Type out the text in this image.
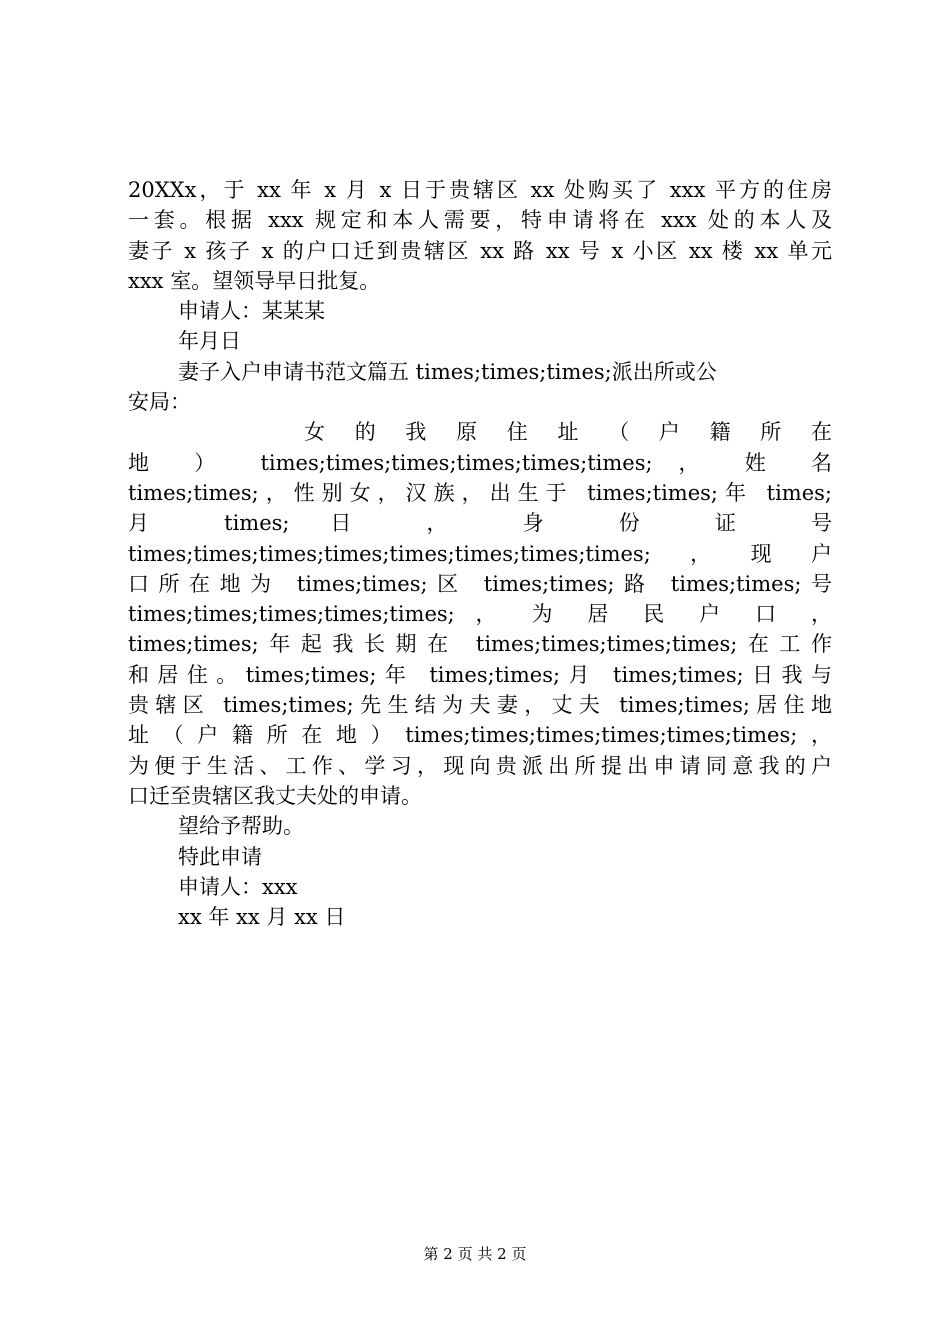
20XXx，于 xx 年 x 月 x 日于贵辖区 xx 处购买了 xxx 平方的住房
一套。根据 xxx 规定和本人需要，特申请将在 xxx 处的本人及
妻子 x 孩子 x 的户口迁到贵辖区 xx 路 xx 号 x 小区 xx 楼 xx 单元
xxx 室。望领导早日批复。
申请人：某某某
年月日
妻子入户申请书范文篇五 times;times;times;派出所或公
安局：
女 的 我 原 住 址 （ 户 籍 所 在
地 ） times;times;times;times;times;times; ， 姓 名
times;times;，性别女，汉族，出生于 times;times;年 times;
月 times; 日 ， 身 份 证 号
times;times;times;times;times;times;times;times;，现户
口所在地为 times;times;区 times;times;路 times;times;号
times;times;times;times;times; ， 为 居 民 户 口 ，
times;times;年起我长期在 times;times;times;times;在工作
和居住。times;times;年 times;times;月 times;times;日我与
贵辖区 times;times;先生结为夫妻，丈夫 times;times;居住地
址（户籍所在地）times;times;times;times;times;times;，
为便于生活、工作、学习，现向贵派出所提出申请同意我的户
口迁至贵辖区我丈夫处的申请。
望给予帮助。
特此申请
申请人：xxx
xx 年 xx 月 xx 日
第 2 页 共 2 页
